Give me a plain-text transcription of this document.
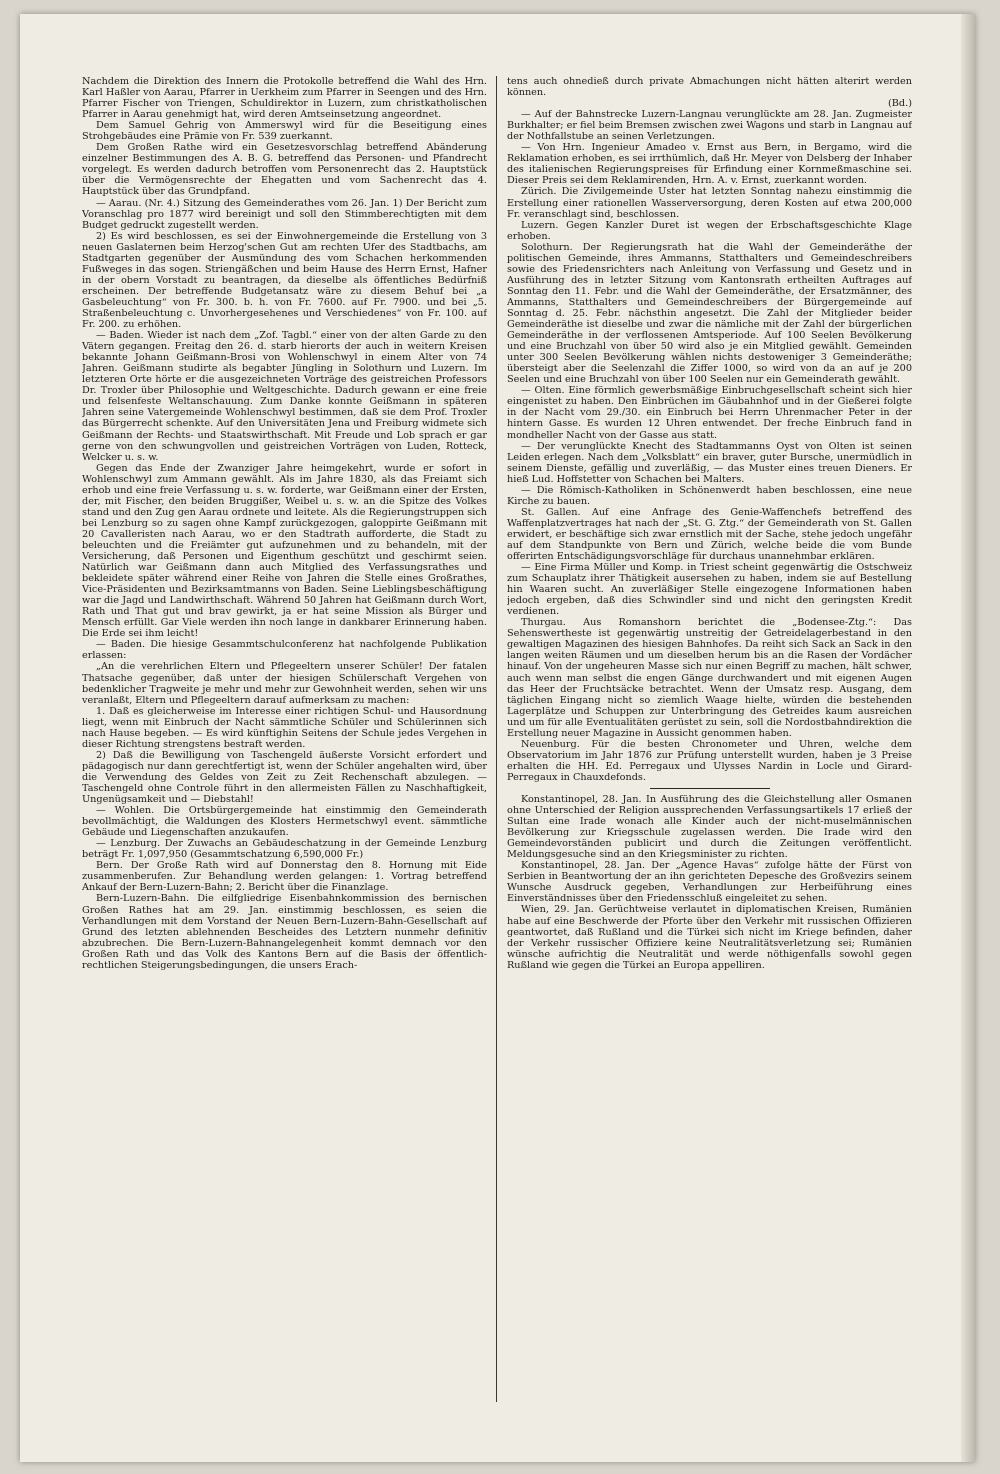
Nachdem die Direktion des Innern die Protokolle betreffend die Wahl des Hrn. Karl Haßler von Aarau, Pfarrer in Uerkheim zum Pfarrer in Seengen und des Hrn. Pfarrer Fischer von Triengen, Schuldirektor in Luzern, zum christkatholischen Pfarrer in Aarau genehmigt hat, wird deren Amtseinsetzung angeordnet.

Dem Samuel Gehrig von Ammerswyl wird für die Beseitigung eines Strohgebäudes eine Prämie von Fr. 539 zuerkannt.

Dem Großen Rathe wird ein Gesetzesvorschlag betreffend Abänderung einzelner Bestimmungen des A. B. G. betreffend das Personen- und Pfandrecht vorgelegt. Es werden dadurch betroffen vom Personenrecht das 2. Hauptstück über die Vermögensrechte der Ehegatten und vom Sachenrecht das 4. Hauptstück über das Grundpfand.

— Aarau. (Nr. 4.) Sitzung des Gemeinderathes vom 26. Jan. 1) Der Bericht zum Voranschlag pro 1877 wird bereinigt und soll den Stimmberechtigten mit dem Budget gedruckt zugestellt werden.

2) Es wird beschlossen, es sei der Einwohnergemeinde die Erstellung von 3 neuen Gaslaternen beim Herzog'schen Gut am rechten Ufer des Stadtbachs, am Stadtgarten gegenüber der Ausmündung des vom Schachen herkommenden Fußweges in das sogen. Striengäßchen und beim Hause des Herrn Ernst, Hafner in der obern Vorstadt zu beantragen, da dieselbe als öffentliches Bedürfniß erscheinen. Der betreffende Budgetansatz wäre zu diesem Behuf bei „a Gasbeleuchtung“ von Fr. 300. b. h. von Fr. 7600. auf Fr. 7900. und bei „5. Straßenbeleuchtung c. Unvorhergesehenes und Verschiedenes“ von Fr. 100. auf Fr. 200. zu erhöhen.

— Baden. Wieder ist nach dem „Zof. Tagbl.“ einer von der alten Garde zu den Vätern gegangen. Freitag den 26. d. starb hierorts der auch in weitern Kreisen bekannte Johann Geißmann-Brosi von Wohlenschwyl in einem Alter von 74 Jahren. Geißmann studirte als begabter Jüngling in Solothurn und Luzern. Im letzteren Orte hörte er die ausgezeichneten Vorträge des geistreichen Professors Dr. Troxler über Philosophie und Weltgeschichte. Dadurch gewann er eine freie und felsenfeste Weltanschauung. Zum Danke konnte Geißmann in späteren Jahren seine Vatergemeinde Wohlenschwyl bestimmen, daß sie dem Prof. Troxler das Bürgerrecht schenkte. Auf den Universitäten Jena und Freiburg widmete sich Geißmann der Rechts- und Staatswirthschaft. Mit Freude und Lob sprach er gar gerne von den schwungvollen und geistreichen Vorträgen von Luden, Rotteck, Welcker u. s. w.

Gegen das Ende der Zwanziger Jahre heimgekehrt, wurde er sofort in Wohlenschwyl zum Ammann gewählt. Als im Jahre 1830, als das Freiamt sich erhob und eine freie Verfassung u. s. w. forderte, war Geißmann einer der Ersten, der, mit Fischer, den beiden Bruggißer, Weibel u. s. w. an die Spitze des Volkes stand und den Zug gen Aarau ordnete und leitete. Als die Regierungstruppen sich bei Lenzburg so zu sagen ohne Kampf zurückgezogen, galoppirte Geißmann mit 20 Cavalleristen nach Aarau, wo er den Stadtrath aufforderte, die Stadt zu beleuchten und die Freiämter gut aufzunehmen und zu behandeln, mit der Versicherung, daß Personen und Eigenthum geschützt und geschirmt seien. Natürlich war Geißmann dann auch Mitglied des Verfassungsrathes und bekleidete später während einer Reihe von Jahren die Stelle eines Großrathes, Vice-Präsidenten und Bezirksamtmanns von Baden. Seine Lieblingsbeschäftigung war die Jagd und Landwirthschaft. Während 50 Jahren hat Geißmann durch Wort, Rath und That gut und brav gewirkt, ja er hat seine Mission als Bürger und Mensch erfüllt. Gar Viele werden ihn noch lange in dankbarer Erinnerung haben. Die Erde sei ihm leicht!

— Baden. Die hiesige Gesammtschulconferenz hat nachfolgende Publikation erlassen:

„An die verehrlichen Eltern und Pflegeeltern unserer Schüler! Der fatalen Thatsache gegenüber, daß unter der hiesigen Schülerschaft Vergehen von bedenklicher Tragweite je mehr und mehr zur Gewohnheit werden, sehen wir uns veranlaßt, Eltern und Pflegeeltern darauf aufmerksam zu machen:

1. Daß es gleicherweise im Interesse einer richtigen Schul- und Hausordnung liegt, wenn mit Einbruch der Nacht sämmtliche Schüler und Schülerinnen sich nach Hause begeben. — Es wird künftighin Seitens der Schule jedes Vergehen in dieser Richtung strengstens bestraft werden.

2) Daß die Bewilligung von Taschengeld äußerste Vorsicht erfordert und pädagogisch nur dann gerechtfertigt ist, wenn der Schüler angehalten wird, über die Verwendung des Geldes von Zeit zu Zeit Rechenschaft abzulegen. — Taschengeld ohne Controle führt in den allermeisten Fällen zu Naschhaftigkeit, Ungenügsamkeit und — Diebstahl!

— Wohlen. Die Ortsbürgergemeinde hat einstimmig den Gemeinderath bevollmächtigt, die Waldungen des Klosters Hermetschwyl event. sämmtliche Gebäude und Liegenschaften anzukaufen.

— Lenzburg. Der Zuwachs an Gebäudeschatzung in der Gemeinde Lenzburg beträgt Fr. 1,097,950 (Gesammtschatzung 6,590,000 Fr.)

Bern. Der Große Rath wird auf Donnerstag den 8. Hornung mit Eide zusammenberufen. Zur Behandlung werden gelangen: 1. Vortrag betreffend Ankauf der Bern-Luzern-Bahn; 2. Bericht über die Finanzlage.

Bern-Luzern-Bahn. Die eilfgliedrige Eisenbahnkommission des bernischen Großen Rathes hat am 29. Jan. einstimmig beschlossen, es seien die Verhandlungen mit dem Vorstand der Neuen Bern-Luzern-Bahn-Gesellschaft auf Grund des letzten ablehnenden Bescheides des Letztern nunmehr definitiv abzubrechen. Die Bern-Luzern-Bahnangelegenheit kommt demnach vor den Großen Rath und das Volk des Kantons Bern auf die Basis der öffentlich-rechtlichen Steigerungsbedingungen, die unsers Erach-

tens auch ohnedieß durch private Abmachungen nicht hätten alterirt werden können.

(Bd.)

— Auf der Bahnstrecke Luzern-Langnau verunglückte am 28. Jan. Zugmeister Burkhalter; er fiel beim Bremsen zwischen zwei Wagons und starb in Langnau auf der Nothfallstube an seinen Verletzungen.

— Von Hrn. Ingenieur Amadeo v. Ernst aus Bern, in Bergamo, wird die Reklamation erhoben, es sei irrthümlich, daß Hr. Meyer von Delsberg der Inhaber des italienischen Regierungspreises für Erfindung einer Kornmeßmaschine sei. Dieser Preis sei dem Reklamirenden, Hrn. A. v. Ernst, zuerkannt worden.

Zürich. Die Zivilgemeinde Uster hat letzten Sonntag nahezu einstimmig die Erstellung einer rationellen Wasserversorgung, deren Kosten auf etwa 200,000 Fr. veranschlagt sind, beschlossen.

Luzern. Gegen Kanzler Duret ist wegen der Erbschaftsgeschichte Klage erhoben.

Solothurn. Der Regierungsrath hat die Wahl der Gemeinderäthe der politischen Gemeinde, ihres Ammanns, Statthalters und Gemeindeschreibers sowie des Friedensrichters nach Anleitung von Verfassung und Gesetz und in Ausführung des in letzter Sitzung vom Kantonsrath ertheilten Auftrages auf Sonntag den 11. Febr. und die Wahl der Gemeinderäthe, der Ersatzmänner, des Ammanns, Statthalters und Gemeindeschreibers der Bürgergemeinde auf Sonntag d. 25. Febr. nächsthin angesetzt. Die Zahl der Mitglieder beider Gemeinderäthe ist dieselbe und zwar die nämliche mit der Zahl der bürgerlichen Gemeinderäthe in der verflossenen Amtsperiode. Auf 100 Seelen Bevölkerung und eine Bruchzahl von über 50 wird also je ein Mitglied gewählt. Gemeinden unter 300 Seelen Bevölkerung wählen nichts destoweniger 3 Gemeinderäthe; übersteigt aber die Seelenzahl die Ziffer 1000, so wird von da an auf je 200 Seelen und eine Bruchzahl von über 100 Seelen nur ein Gemeinderath gewählt.

— Olten. Eine förmlich gewerbsmäßige Einbruchgesellschaft scheint sich hier eingenistet zu haben. Den Einbrüchen im Gäubahnhof und in der Gießerei folgte in der Nacht vom 29./30. ein Einbruch bei Herrn Uhrenmacher Peter in der hintern Gasse. Es wurden 12 Uhren entwendet. Der freche Einbruch fand in mondheller Nacht von der Gasse aus statt.

— Der verunglückte Knecht des Stadtammanns Oyst von Olten ist seinen Leiden erlegen. Nach dem „Volksblatt“ ein braver, guter Bursche, unermüdlich in seinem Dienste, gefällig und zuverläßig, — das Muster eines treuen Dieners. Er hieß Lud. Hoffstetter von Schachen bei Malters.

— Die Römisch-Katholiken in Schönenwerdt haben beschlossen, eine neue Kirche zu bauen.

St. Gallen. Auf eine Anfrage des Genie-Waffenchefs betreffend des Waffenplatzvertrages hat nach der „St. G. Ztg.“ der Gemeinderath von St. Gallen erwidert, er beschäftige sich zwar ernstlich mit der Sache, stehe jedoch ungefähr auf dem Standpunkte von Bern und Zürich, welche beide die vom Bunde offerirten Entschädigungsvorschläge für durchaus unannehmbar erklären.

— Eine Firma Müller und Komp. in Triest scheint gegenwärtig die Ostschweiz zum Schauplatz ihrer Thätigkeit ausersehen zu haben, indem sie auf Bestellung hin Waaren sucht. An zuverläßiger Stelle eingezogene Informationen haben jedoch ergeben, daß dies Schwindler sind und nicht den geringsten Kredit verdienen.

Thurgau. Aus Romanshorn berichtet die „Bodensee-Ztg.“: Das Sehenswertheste ist gegenwärtig unstreitig der Getreidelagerbestand in den gewaltigen Magazinen des hiesigen Bahnhofes. Da reiht sich Sack an Sack in den langen weiten Räumen und um dieselben herum bis an die Rasen der Vordächer hinauf. Von der ungeheuren Masse sich nur einen Begriff zu machen, hält schwer, auch wenn man selbst die engen Gänge durchwandert und mit eigenen Augen das Heer der Fruchtsäcke betrachtet. Wenn der Umsatz resp. Ausgang, dem täglichen Eingang nicht so ziemlich Waage hielte, würden die bestehenden Lagerplätze und Schuppen zur Unterbringung des Getreides kaum ausreichen und um für alle Eventualitäten gerüstet zu sein, soll die Nordostbahndirektion die Erstellung neuer Magazine in Aussicht genommen haben.

Neuenburg. Für die besten Chronometer und Uhren, welche dem Observatorium im Jahr 1876 zur Prüfung unterstellt wurden, haben je 3 Preise erhalten die HH. Ed. Perregaux und Ulysses Nardin in Locle und Girard-Perregaux in Chauxdefonds.

Konstantinopel, 28. Jan. In Ausführung des die Gleichstellung aller Osmanen ohne Unterschied der Religion aussprechenden Verfassungsartikels 17 erließ der Sultan eine Irade wonach alle Kinder auch der nicht-muselmännischen Bevölkerung zur Kriegsschule zugelassen werden. Die Irade wird den Gemeindevorständen publicirt und durch die Zeitungen veröffentlicht. Meldungsgesuche sind an den Kriegsminister zu richten.

Konstantinopel, 28. Jan. Der „Agence Havas“ zufolge hätte der Fürst von Serbien in Beantwortung der an ihn gerichteten Depesche des Großvezirs seinem Wunsche Ausdruck gegeben, Verhandlungen zur Herbeiführung eines Einverständnisses über den Friedensschluß eingeleitet zu sehen.

Wien, 29. Jan. Gerüchtweise verlautet in diplomatischen Kreisen, Rumänien habe auf eine Beschwerde der Pforte über den Verkehr mit russischen Offizieren geantwortet, daß Rußland und die Türkei sich nicht im Kriege befinden, daher der Verkehr russischer Offiziere keine Neutralitätsverletzung sei; Rumänien wünsche aufrichtig die Neutralität und werde nöthigenfalls sowohl gegen Rußland wie gegen die Türkei an Europa appelliren.
